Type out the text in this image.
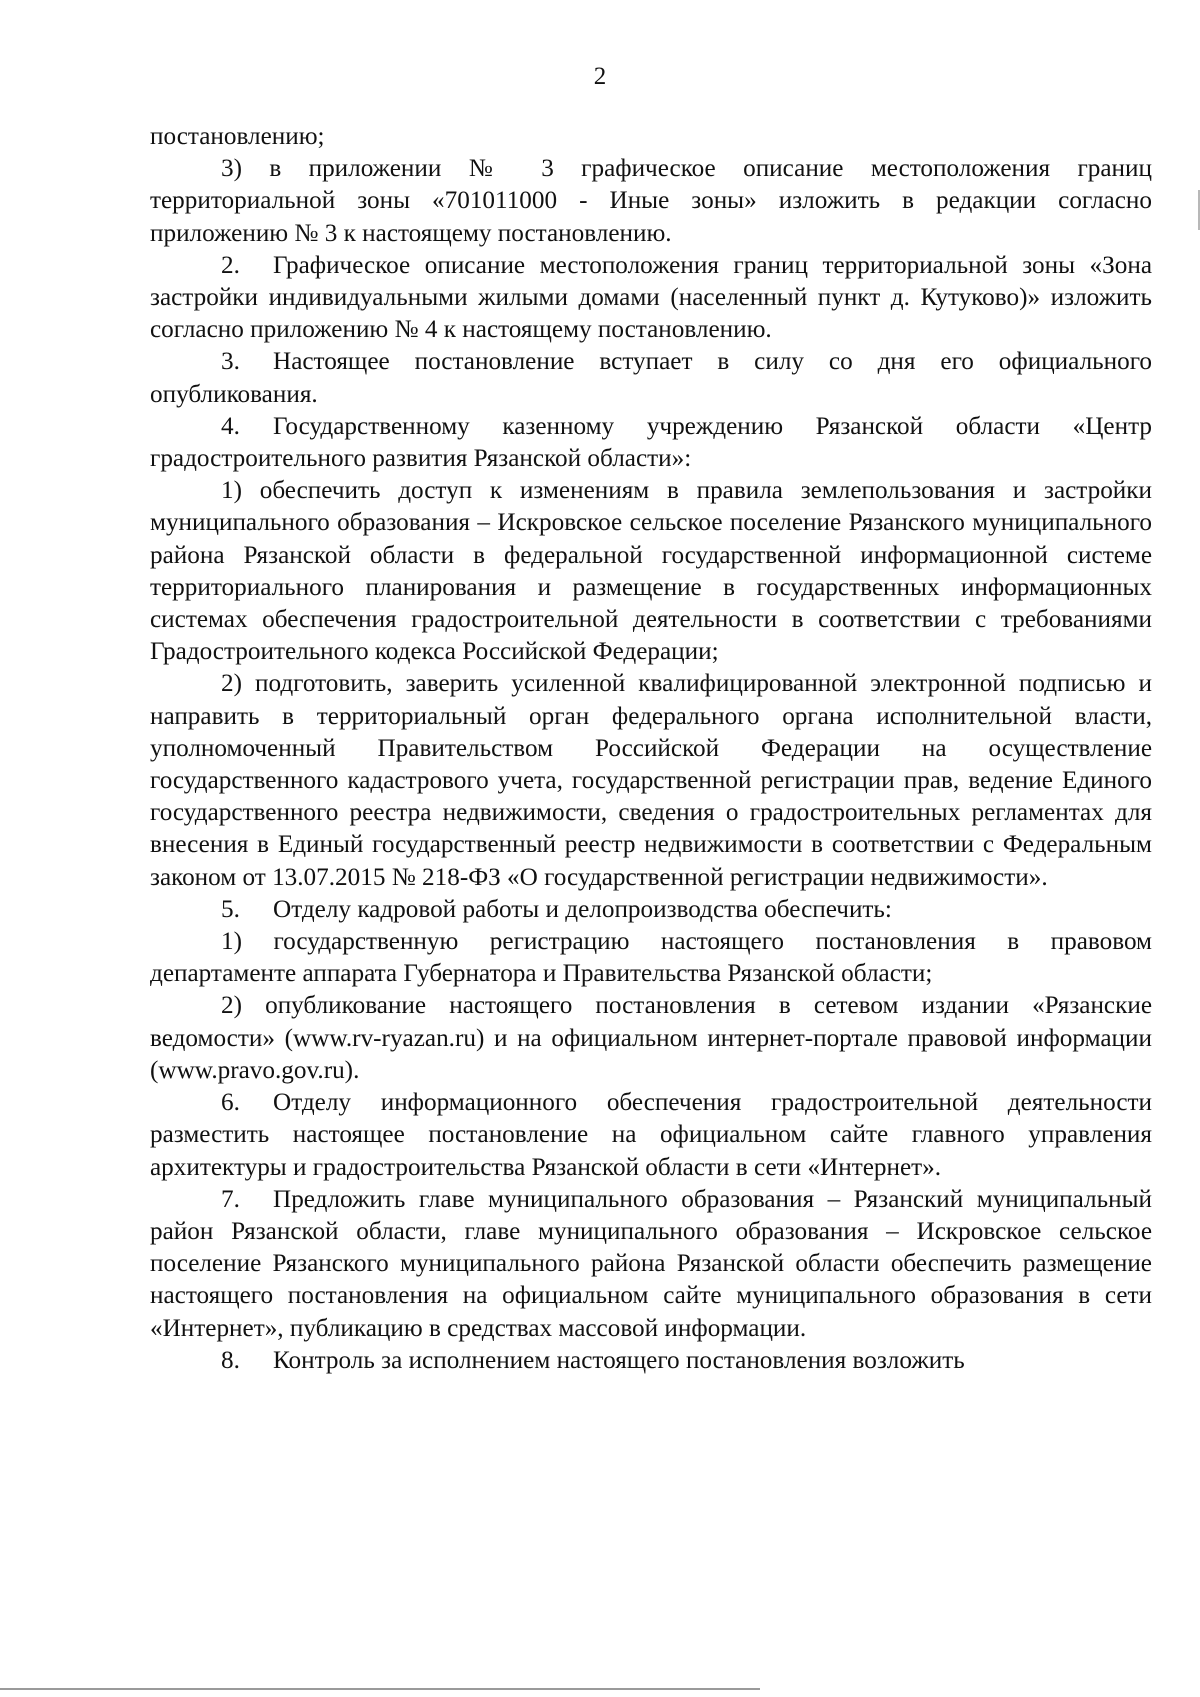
2

постановлению;

3) в приложении № 3 графическое описание местоположения границ территориальной зоны «701011000 - Иные зоны» изложить в редакции согласно приложению № 3 к настоящему постановлению.

2. Графическое описание местоположения границ территориальной зоны «Зона застройки индивидуальными жилыми домами (населенный пункт д. Кутуково)» изложить согласно приложению № 4 к настоящему постановлению.

3. Настоящее постановление вступает в силу со дня его официального опубликования.

4. Государственному казенному учреждению Рязанской области «Центр градостроительного развития Рязанской области»:

1) обеспечить доступ к изменениям в правила землепользования и застройки муниципального образования – Искровское сельское поселение Рязанского муниципального района Рязанской области в федеральной государственной информационной системе территориального планирования и размещение в государственных информационных системах обеспечения градостроительной деятельности в соответствии с требованиями Градостроительного кодекса Российской Федерации;

2) подготовить, заверить усиленной квалифицированной электронной подписью и направить в территориальный орган федерального органа исполнительной власти, уполномоченный Правительством Российской Федерации на осуществление государственного кадастрового учета, государственной регистрации прав, ведение Единого государственного реестра недвижимости, сведения о градостроительных регламентах для внесения в Единый государственный реестр недвижимости в соответствии с Федеральным законом от 13.07.2015 № 218-ФЗ «О государственной регистрации недвижимости».

5. Отделу кадровой работы и делопроизводства обеспечить:

1) государственную регистрацию настоящего постановления в правовом департаменте аппарата Губернатора и Правительства Рязанской области;

2) опубликование настоящего постановления в сетевом издании «Рязанские ведомости» (www.rv-ryazan.ru) и на официальном интернет-портале правовой информации (www.pravo.gov.ru).

6. Отделу информационного обеспечения градостроительной деятельности разместить настоящее постановление на официальном сайте главного управления архитектуры и градостроительства Рязанской области в сети «Интернет».

7. Предложить главе муниципального образования – Рязанский муниципальный район Рязанской области, главе муниципального образования – Искровское сельское поселение Рязанского муниципального района Рязанской области обеспечить размещение настоящего постановления на официальном сайте муниципального образования в сети «Интернет», публикацию в средствах массовой информации.

8. Контроль за исполнением настоящего постановления возложить
